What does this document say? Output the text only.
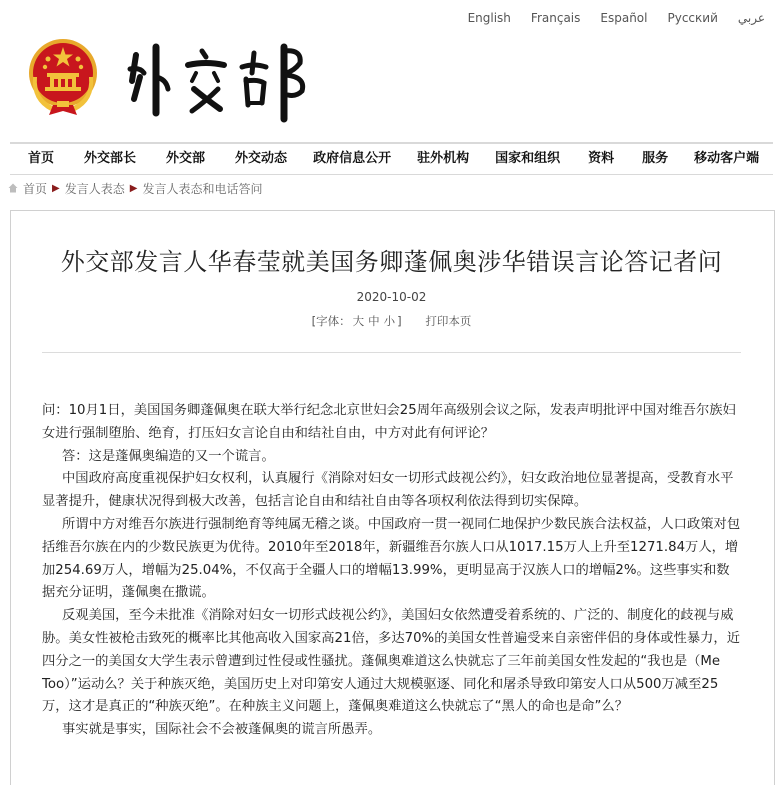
English Français Español Русский عربي
首页 外交部长 外交部 外交动态 政府信息公开 驻外机构 国家和组织 资料 服务 移动客户端
首页 ▶ 发言人表态 ▶ 发言人表态和电话答问
外交部发言人华春莹就美国务卿蓬佩奥涉华错误言论答记者问
2020-10-02
[字体： 大 中 小 ] 打印本页

问：10月1日，美国国务卿蓬佩奥在联大举行纪念北京世妇会25周年高级别会议之际，发表声明批评中国对维吾尔族妇女进行强制堕胎、绝育，打压妇女言论自由和结社自由，中方对此有何评论？

答：这是蓬佩奥编造的又一个谎言。

中国政府高度重视保护妇女权利，认真履行《消除对妇女一切形式歧视公约》，妇女政治地位显著提高，受教育水平显著提升，健康状况得到极大改善，包括言论自由和结社自由等各项权利依法得到切实保障。

所谓中方对维吾尔族进行强制绝育等纯属无稽之谈。中国政府一贯一视同仁地保护少数民族合法权益，人口政策对包括维吾尔族在内的少数民族更为优待。2010年至2018年，新疆维吾尔族人口从1017.15万人上升至1271.84万人，增加254.69万人，增幅为25.04%，不仅高于全疆人口的增幅13.99%，更明显高于汉族人口的增幅2%。这些事实和数据充分证明，蓬佩奥在撒谎。

反观美国，至今未批准《消除对妇女一切形式歧视公约》，美国妇女依然遭受着系统的、广泛的、制度化的歧视与威胁。美女性被枪击致死的概率比其他高收入国家高21倍，多达70%的美国女性普遍受来自亲密伴侣的身体或性暴力，近四分之一的美国女大学生表示曾遭到过性侵或性骚扰。蓬佩奥难道这么快就忘了三年前美国女性发起的“我也是（Me Too）”运动么？关于种族灭绝，美国历史上对印第安人通过大规模驱逐、同化和屠杀导致印第安人口从500万减至25万，这才是真正的“种族灭绝”。在种族主义问题上，蓬佩奥难道这么快就忘了“黑人的命也是命”么？

事实就是事实，国际社会不会被蓬佩奥的谎言所愚弄。
